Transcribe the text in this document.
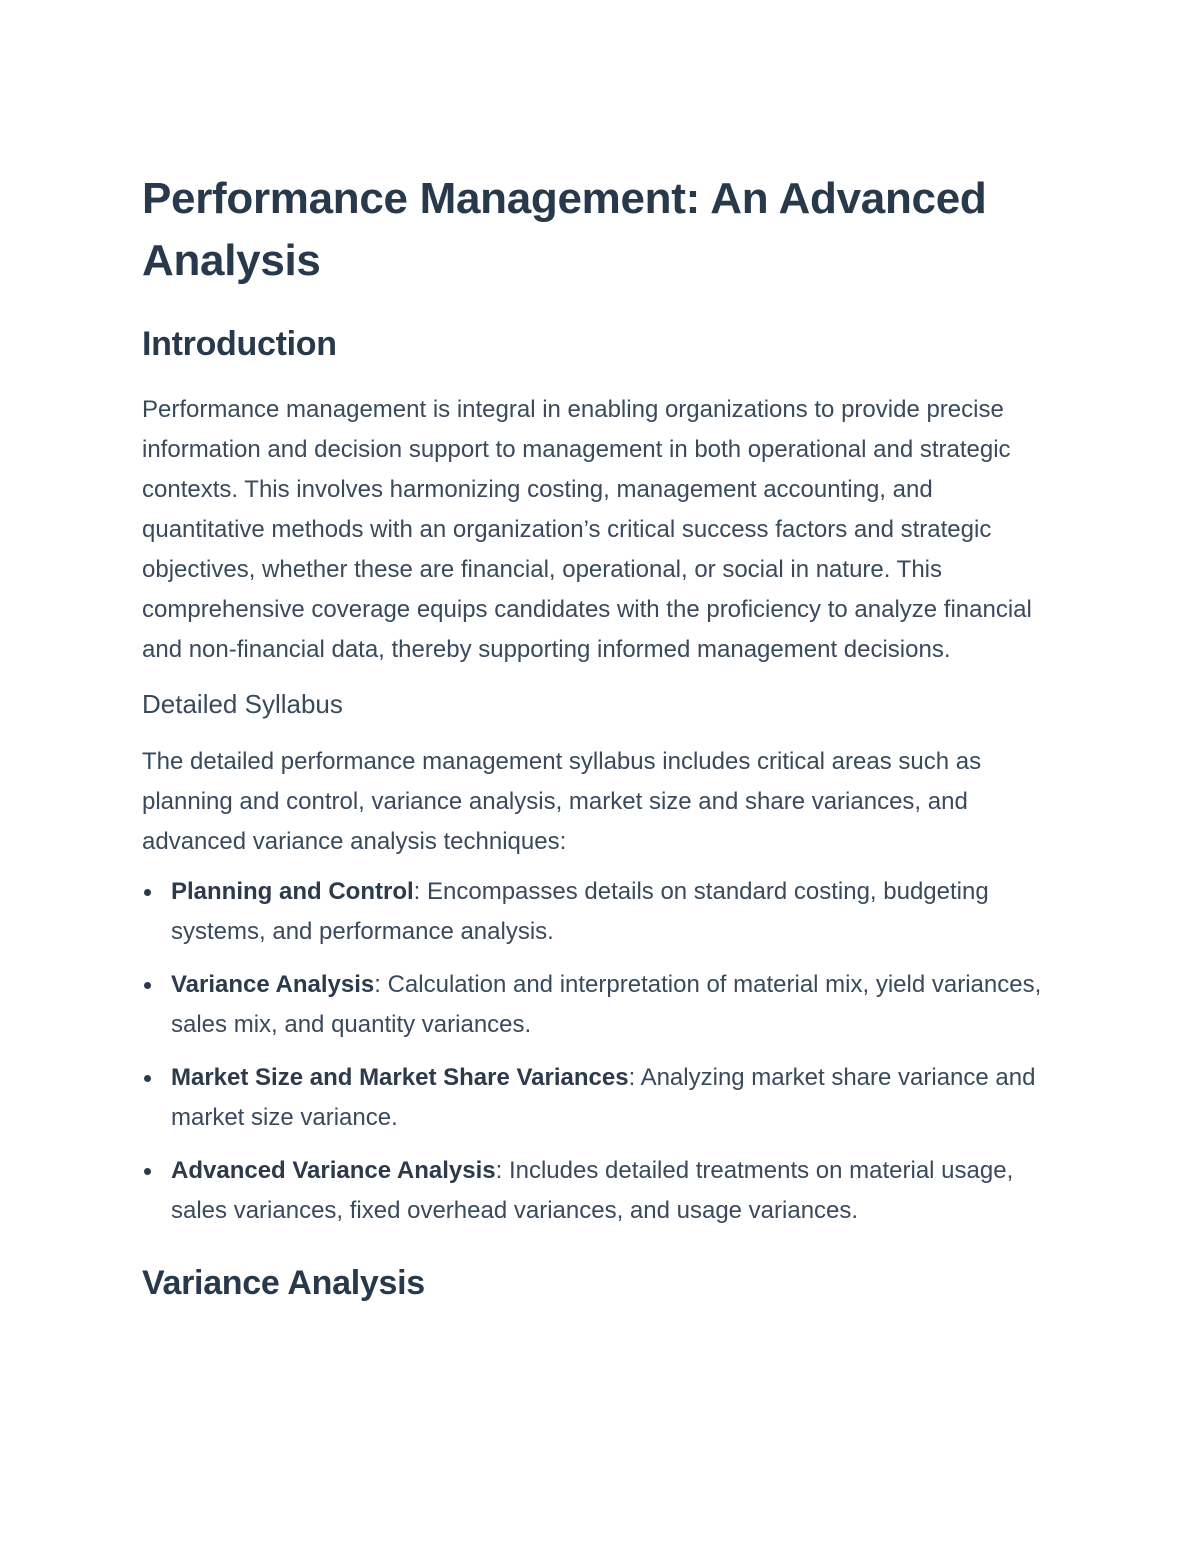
Performance Management: An Advanced Analysis
Introduction

Performance management is integral in enabling organizations to provide precise information and decision support to management in both operational and strategic contexts. This involves harmonizing costing, management accounting, and quantitative methods with an organization’s critical success factors and strategic objectives, whether these are financial, operational, or social in nature. This comprehensive coverage equips candidates with the proficiency to analyze financial and non-financial data, thereby supporting informed management decisions.

Detailed Syllabus

The detailed performance management syllabus includes critical areas such as planning and control, variance analysis, market size and share variances, and advanced variance analysis techniques:

Planning and Control: Encompasses details on standard costing, budgeting systems, and performance analysis.
Variance Analysis: Calculation and interpretation of material mix, yield variances, sales mix, and quantity variances.
Market Size and Market Share Variances: Analyzing market share variance and market size variance.
Advanced Variance Analysis: Includes detailed treatments on material usage, sales variances, fixed overhead variances, and usage variances.
Variance Analysis
